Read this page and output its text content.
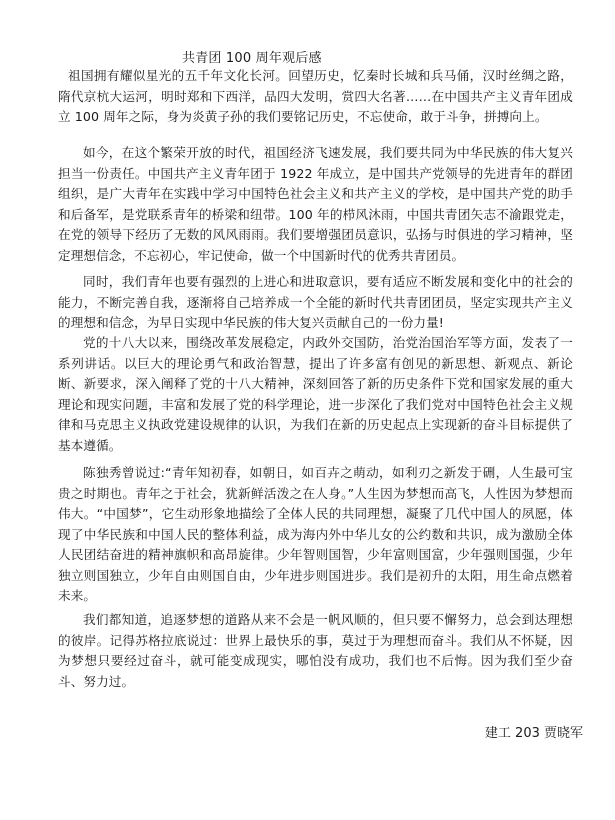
共青团 100 周年观后感

祖国拥有耀似星光的五千年文化长河。回望历史，忆秦时长城和兵马俑，汉时丝绸之路，隋代京杭大运河，明时郑和下西洋，品四大发明，赏四大名著……在中国共产主义青年团成立 100 周年之际，身为炎黄子孙的我们要铭记历史，不忘使命，敢于斗争，拼搏向上。

如今，在这个繁荣开放的时代，祖国经济飞速发展，我们要共同为中华民族的伟大复兴担当一份责任。中国共产主义青年团于 1922 年成立，是中国共产党领导的先进青年的群团组织，是广大青年在实践中学习中国特色社会主义和共产主义的学校，是中国共产党的助手和后备军，是党联系青年的桥梁和纽带。100 年的栉风沐雨，中国共青团矢志不渝跟党走，在党的领导下经历了无数的风风雨雨。我们要增强团员意识，弘扬与时俱进的学习精神，坚定理想信念，不忘初心，牢记使命，做一个中国新时代的优秀共青团员。

同时，我们青年也要有强烈的上进心和进取意识，要有适应不断发展和变化中的社会的能力，不断完善自我，逐渐将自己培养成一个全能的新时代共青团团员，坚定实现共产主义的理想和信念，为早日实现中华民族的伟大复兴贡献自己的一份力量!

党的十八大以来，围绕改革发展稳定，内政外交国防，治党治国治军等方面，发表了一系列讲话。以巨大的理论勇气和政治智慧，提出了许多富有创见的新思想、新观点、新论断、新要求，深入阐释了党的十八大精神，深刻回答了新的历史条件下党和国家发展的重大理论和现实问题，丰富和发展了党的科学理论，进一步深化了我们党对中国特色社会主义规律和马克思主义执政党建设规律的认识，为我们在新的历史起点上实现新的奋斗目标提供了基本遵循。

陈独秀曾说过:“青年知初春，如朝日，如百卉之萌动，如利刃之新发于硎，人生最可宝贵之时期也。青年之于社会，犹新鲜活泼之在人身。”人生因为梦想而高飞，人性因为梦想而伟大。“中国梦”，它生动形象地描绘了全体人民的共同理想，凝聚了几代中国人的夙愿，体现了中华民族和中国人民的整体利益，成为海内外中华儿女的公约数和共识，成为激励全体人民团结奋进的精神旗帜和高昂旋律。少年智则国智，少年富则国富，少年强则国强，少年独立则国独立，少年自由则国自由，少年进步则国进步。我们是初升的太阳，用生命点燃着未来。

我们都知道，追逐梦想的道路从来不会是一帆风顺的，但只要不懈努力，总会到达理想的彼岸。记得苏格拉底说过：世界上最快乐的事，莫过于为理想而奋斗。我们从不怀疑，因为梦想只要经过奋斗，就可能变成现实，哪怕没有成功，我们也不后悔。因为我们至少奋斗、努力过。

建工 203 贾晓军
